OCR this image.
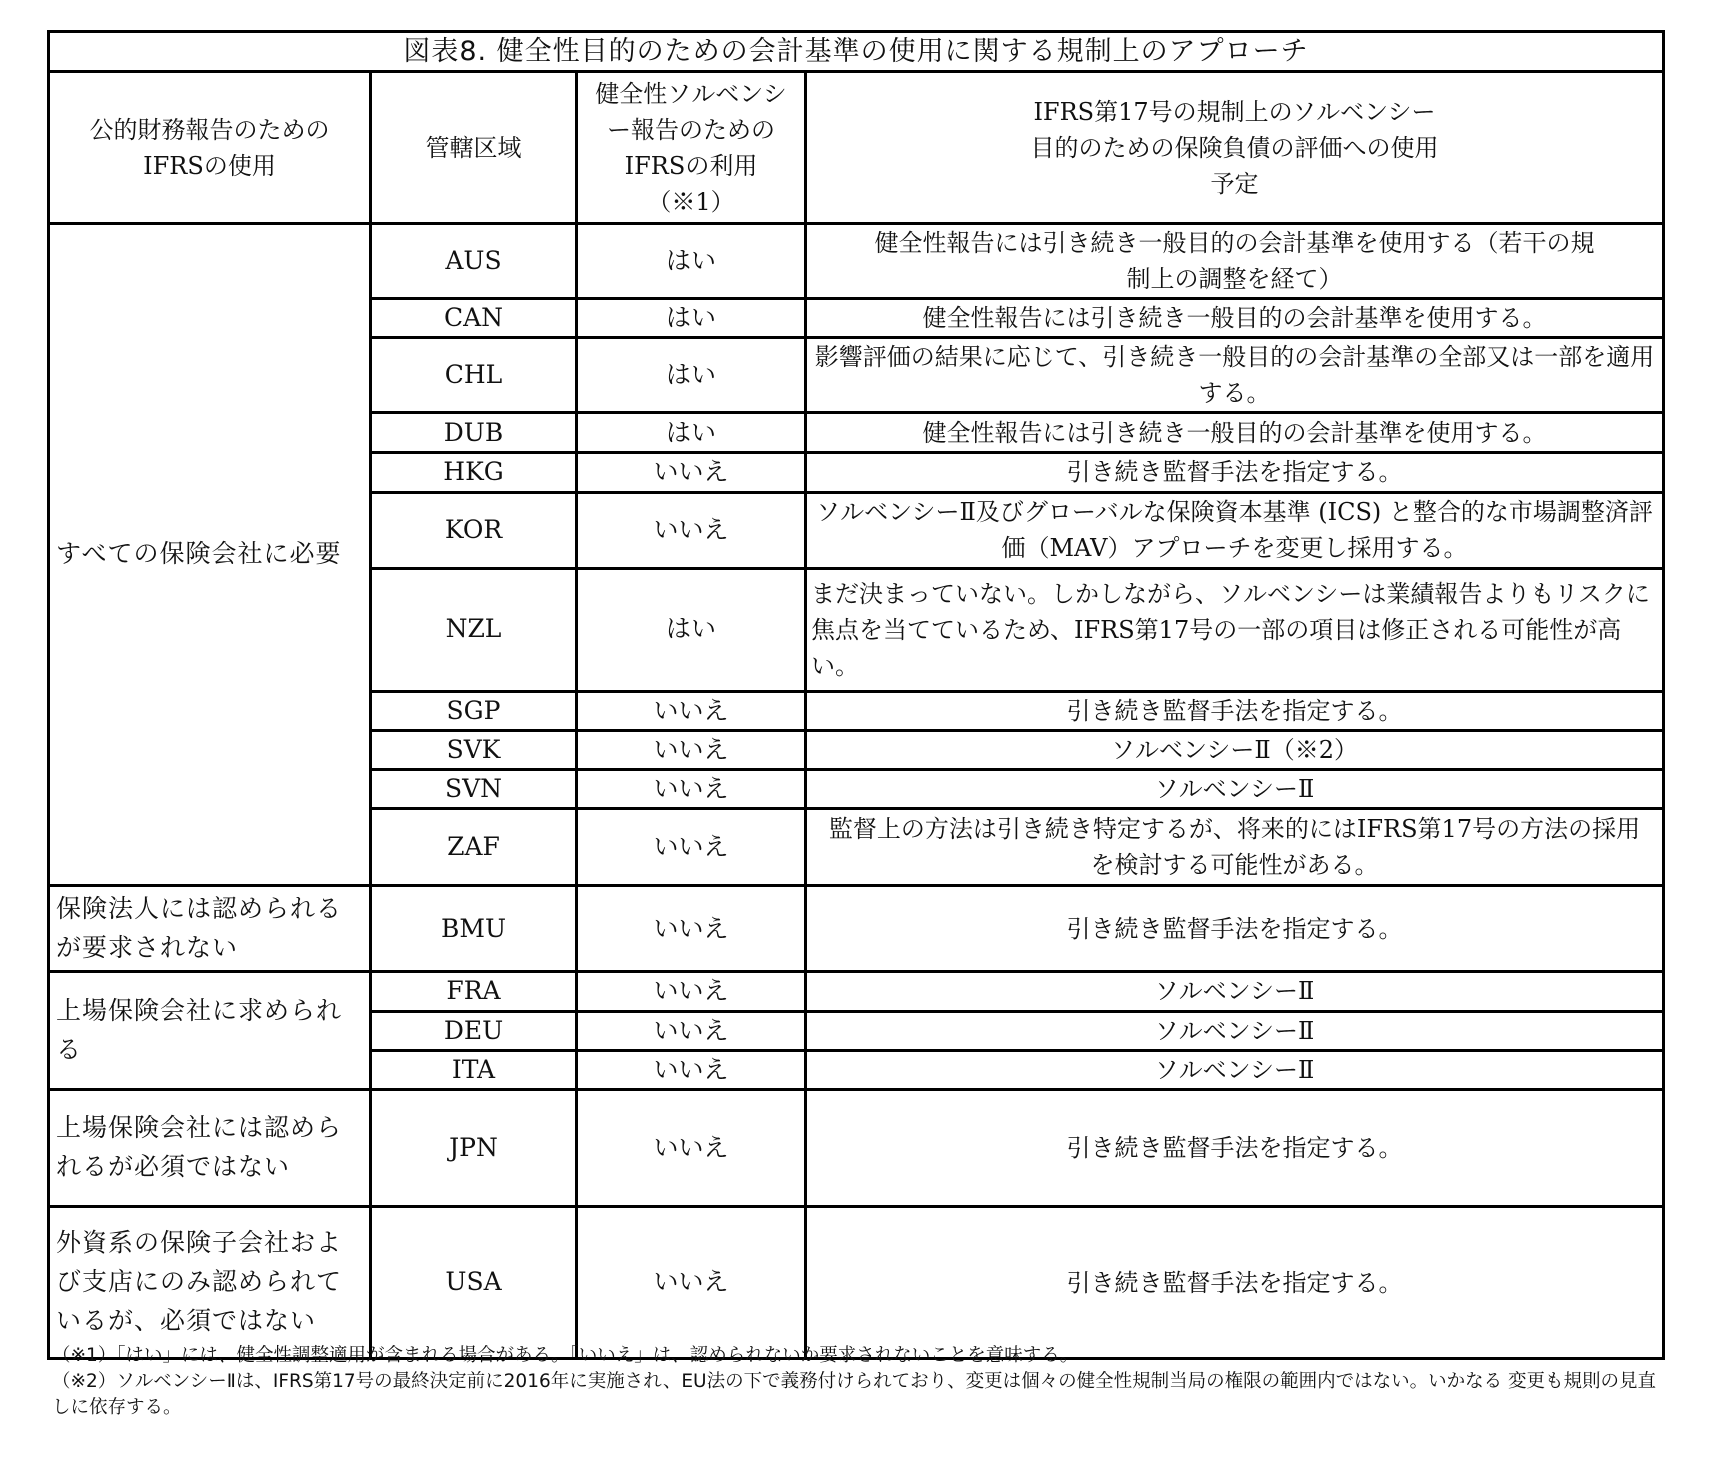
図表8. 健全性目的のための会計基準の使用に関する規制上のアプローチ			
公的財務報告のためのIFRSの使用	管轄区域	健全性ソルベンシー報告のためのIFRSの利用（※1）	IFRS第17号の規制上のソルベンシー目的のための保険負債の評価への使用予定
すべての保険会社に必要	AUS	はい	健全性報告には引き続き一般目的の会計基準を使用する（若干の規制上の調整を経て）
	CAN	はい	健全性報告には引き続き一般目的の会計基準を使用する。
	CHL	はい	影響評価の結果に応じて、引き続き一般目的の会計基準の全部又は一部を適用する。
	DUB	はい	健全性報告には引き続き一般目的の会計基準を使用する。
	HKG	いいえ	引き続き監督手法を指定する。
	KOR	いいえ	ソルベンシーⅡ及びグローバルな保険資本基準 (ICS) と整合的な市場調整済評価（MAV）アプローチを変更し採用する。
	NZL	はい	まだ決まっていない。しかしながら、ソルベンシーは業績報告よりもリスクに焦点を当てているため、IFRS第17号の一部の項目は修正される可能性が高い。
	SGP	いいえ	引き続き監督手法を指定する。
	SVK	いいえ	ソルベンシーⅡ（※2）
	SVN	いいえ	ソルベンシーⅡ
	ZAF	いいえ	監督上の方法は引き続き特定するが、将来的にはIFRS第17号の方法の採用を検討する可能性がある。
保険法人には認められるが要求されない	BMU	いいえ	引き続き監督手法を指定する。
上場保険会社に求められる	FRA	いいえ	ソルベンシーⅡ
	DEU	いいえ	ソルベンシーⅡ
	ITA	いいえ	ソルベンシーⅡ
上場保険会社には認められるが必須ではない	JPN	いいえ	引き続き監督手法を指定する。
外資系の保険子会社および支店にのみ認められているが、必須ではない	USA	いいえ	引き続き監督手法を指定する。
（※1）「はい」には、健全性調整適用が含まれる場合がある。「いいえ」は、認められないか要求されないことを意味する。
（※2）ソルベンシーⅡは、IFRS第17号の最終決定前に2016年に実施され、EU法の下で義務付けられており、変更は個々の健全性規制当局の権限の範囲内ではない。いかなる 変更も規則の見直しに依存する。
